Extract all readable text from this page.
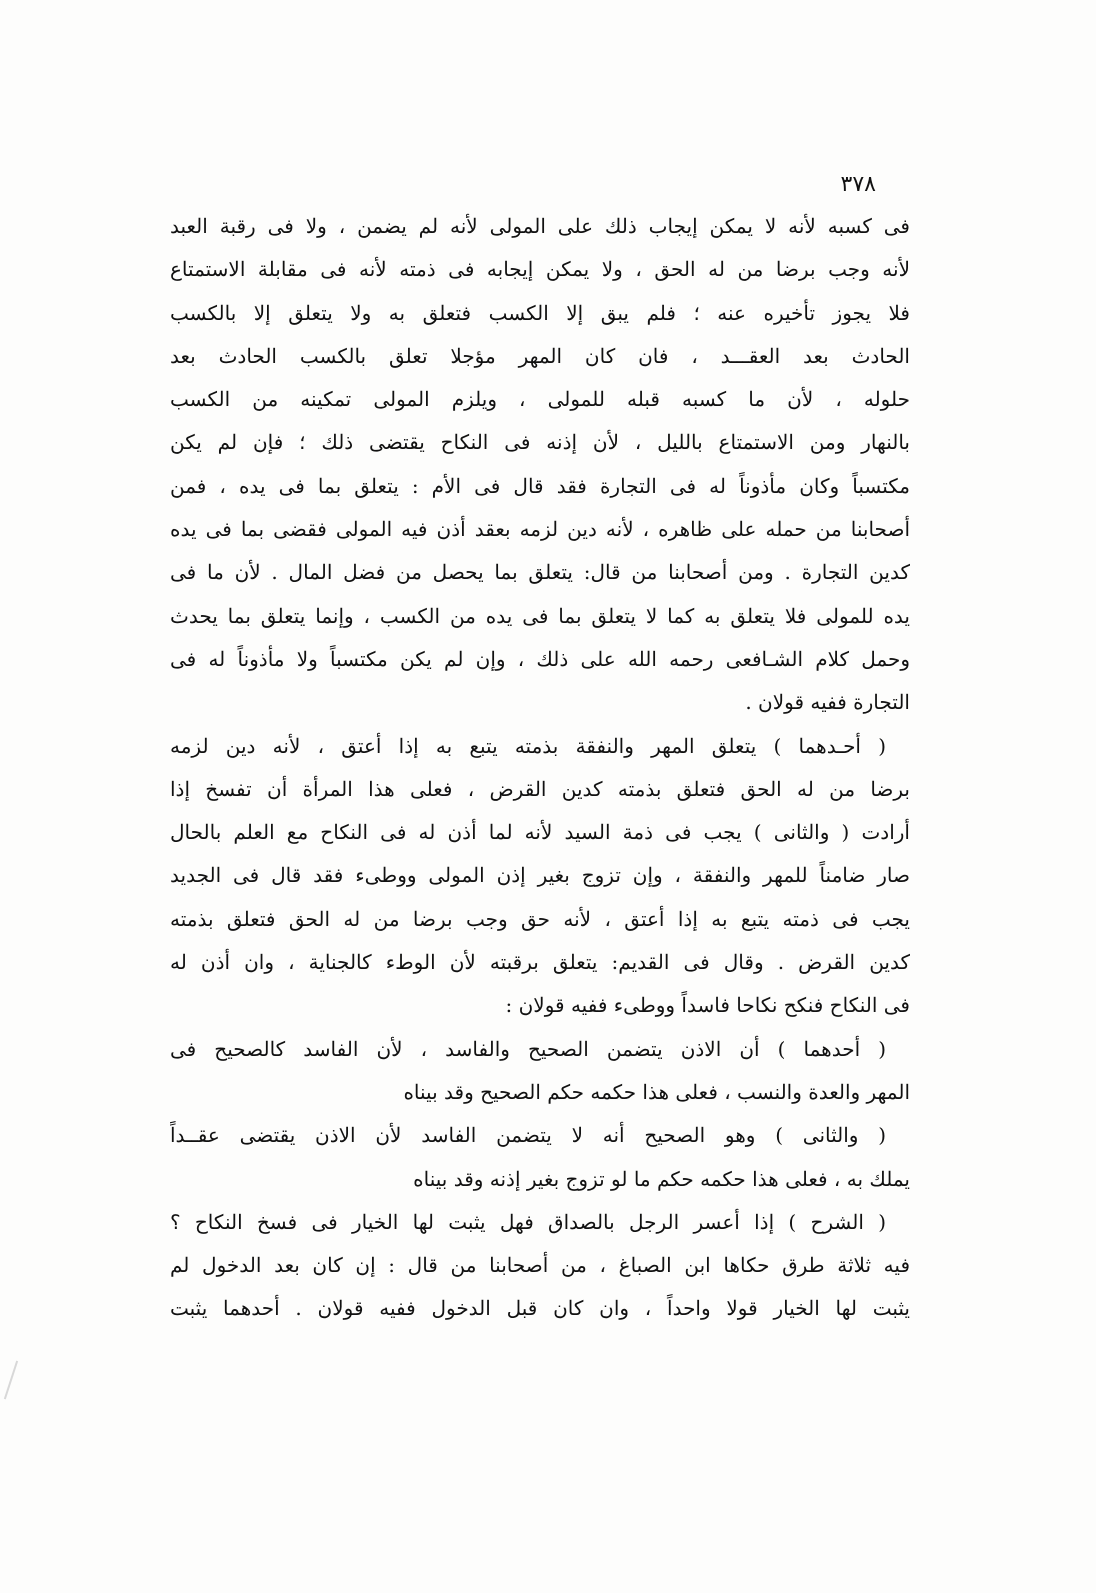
٣٧٨
فى كسبه لأنه لا يمكن إيجاب ذلك على المولى لأنه لم يضمن ، ولا فى رقبة العبد
لأنه وجب برضا من له الحق ، ولا يمكن إيجابه فى ذمته لأنه فى مقابلة الاستمتاع
فلا يجوز تأخيره عنه ؛ فلم يبق إلا الكسب فتعلق به ولا يتعلق إلا بالكسب
الحادث بعد العقـــد ، فان كان المهر مؤجلا تعلق بالكسب الحادث بعد
حلوله ، لأن ما كسبه قبله للمولى ، ويلزم المولى تمكينه من الكسب
بالنهار ومن الاستمتاع بالليل ، لأن إذنه فى النكاح يقتضى ذلك ؛ فإن لم يكن
مكتسباً وكان مأذوناً له فى التجارة فقد قال فى الأم : يتعلق بما فى يده ، فمن
أصحابنا من حمله على ظاهره ، لأنه دين لزمه بعقد أذن فيه المولى فقضى بما فى يده
كدين التجارة . ومن أصحابنا من قال: يتعلق بما يحصل من فضل المال . لأن ما فى
يده للمولى فلا يتعلق به كما لا يتعلق بما فى يده من الكسب ، وإنما يتعلق بما يحدث
وحمل كلام الشـافعى رحمه الله على ذلك ، وإن لم يكن مكتسباً ولا مأذوناً له فى
التجارة ففيه قولان .
( أحـدهما ) يتعلق المهر والنفقة بذمته يتبع به إذا أعتق ، لأنه دين لزمه
برضا من له الحق فتعلق بذمته كدين القرض ، فعلى هذا المرأة أن تفسخ إذا
أرادت ( والثانى ) يجب فى ذمة السيد لأنه لما أذن له فى النكاح مع العلم بالحال
صار ضامناً للمهر والنفقة ، وإن تزوج بغير إذن المولى ووطىء فقد قال فى الجديد
يجب فى ذمته يتبع به إذا أعتق ، لأنه حق وجب برضا من له الحق فتعلق بذمته
كدين القرض . وقال فى القديم: يتعلق برقبته لأن الوطء كالجناية ، وان أذن له
فى النكاح فنكح نكاحا فاسداً ووطىء ففيه قولان :
( أحدهما ) أن الاذن يتضمن الصحيح والفاسد ، لأن الفاسد كالصحيح فى
المهر والعدة والنسب ، فعلى هذا حكمه حكم الصحيح وقد بيناه
( والثانى ) وهو الصحيح أنه لا يتضمن الفاسد لأن الاذن يقتضى عقــداً
يملك به ، فعلى هذا حكمه حكم ما لو تزوج بغير إذنه وقد بيناه
( الشرح ) إذا أعسر الرجل بالصداق فهل يثبت لها الخيار فى فسخ النكاح ؟
فيه ثلاثة طرق حكاها ابن الصباغ ، من أصحابنا من قال : إن كان بعد الدخول لم
يثبت لها الخيار قولا واحداً ، وان كان قبل الدخول ففيه قولان . أحدهما يثبت
